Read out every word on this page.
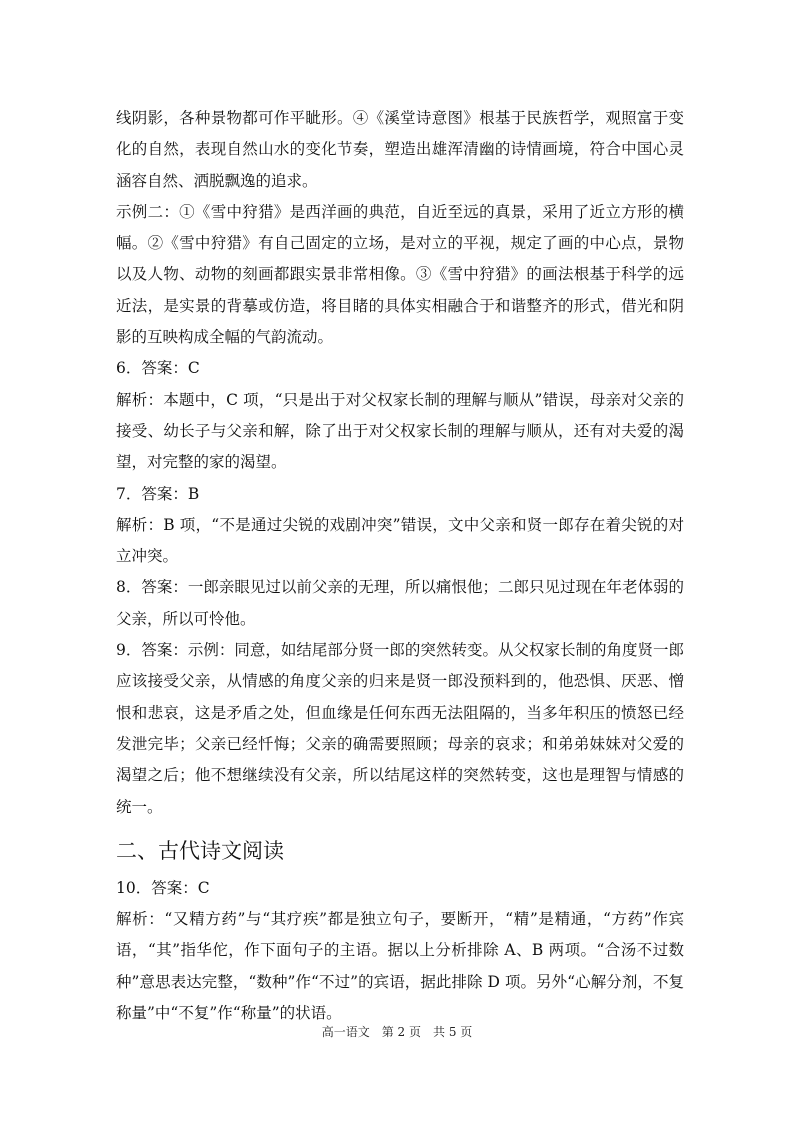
线阴影，各种景物都可作平眦形。④《溪堂诗意图》根基于民族哲学，观照富于变化的自然，表现自然山水的变化节奏，塑造出雄浑清幽的诗情画境，符合中国心灵涵容自然、洒脱飘逸的追求。

示例二：①《雪中狩猎》是西洋画的典范，自近至远的真景，采用了近立方形的横幅。②《雪中狩猎》有自己固定的立场，是对立的平视，规定了画的中心点，景物以及人物、动物的刻画都跟实景非常相像。③《雪中狩猎》的画法根基于科学的远近法，是实景的背摹或仿造，将目睹的具体实相融合于和谐整齐的形式，借光和阴影的互映构成全幅的气韵流动。

6．答案：C

解析：本题中，C 项，“只是出于对父权家长制的理解与顺从”错误，母亲对父亲的接受、幼长子与父亲和解，除了出于对父权家长制的理解与顺从，还有对夫爱的渴望，对完整的家的渴望。

7．答案：B

解析：B 项，“不是通过尖锐的戏剧冲突”错误，文中父亲和贤一郎存在着尖锐的对立冲突。

8．答案：一郎亲眼见过以前父亲的无理，所以痛恨他；二郎只见过现在年老体弱的父亲，所以可怜他。

9．答案：示例：同意，如结尾部分贤一郎的突然转变。从父权家长制的角度贤一郎应该接受父亲，从情感的角度父亲的归来是贤一郎没预料到的，他恐惧、厌恶、憎恨和悲哀，这是矛盾之处，但血缘是任何东西无法阻隔的，当多年积压的愤怒已经发泄完毕；父亲已经忏悔；父亲的确需要照顾；母亲的哀求；和弟弟妹妹对父爱的渴望之后；他不想继续没有父亲，所以结尾这样的突然转变，这也是理智与情感的统一。

二、古代诗文阅读

10．答案：C

解析：“又精方药”与“其疗疾”都是独立句子，要断开，“精”是精通，“方药”作宾语，“其”指华佗，作下面句子的主语。据以上分析排除 A、B 两项。“合汤不过数种”意思表达完整，“数种”作“不过”的宾语，据此排除 D 项。另外“心解分剂，不复称量”中“不复”作“称量”的状语。

高一语文　第 2 页　共 5 页
